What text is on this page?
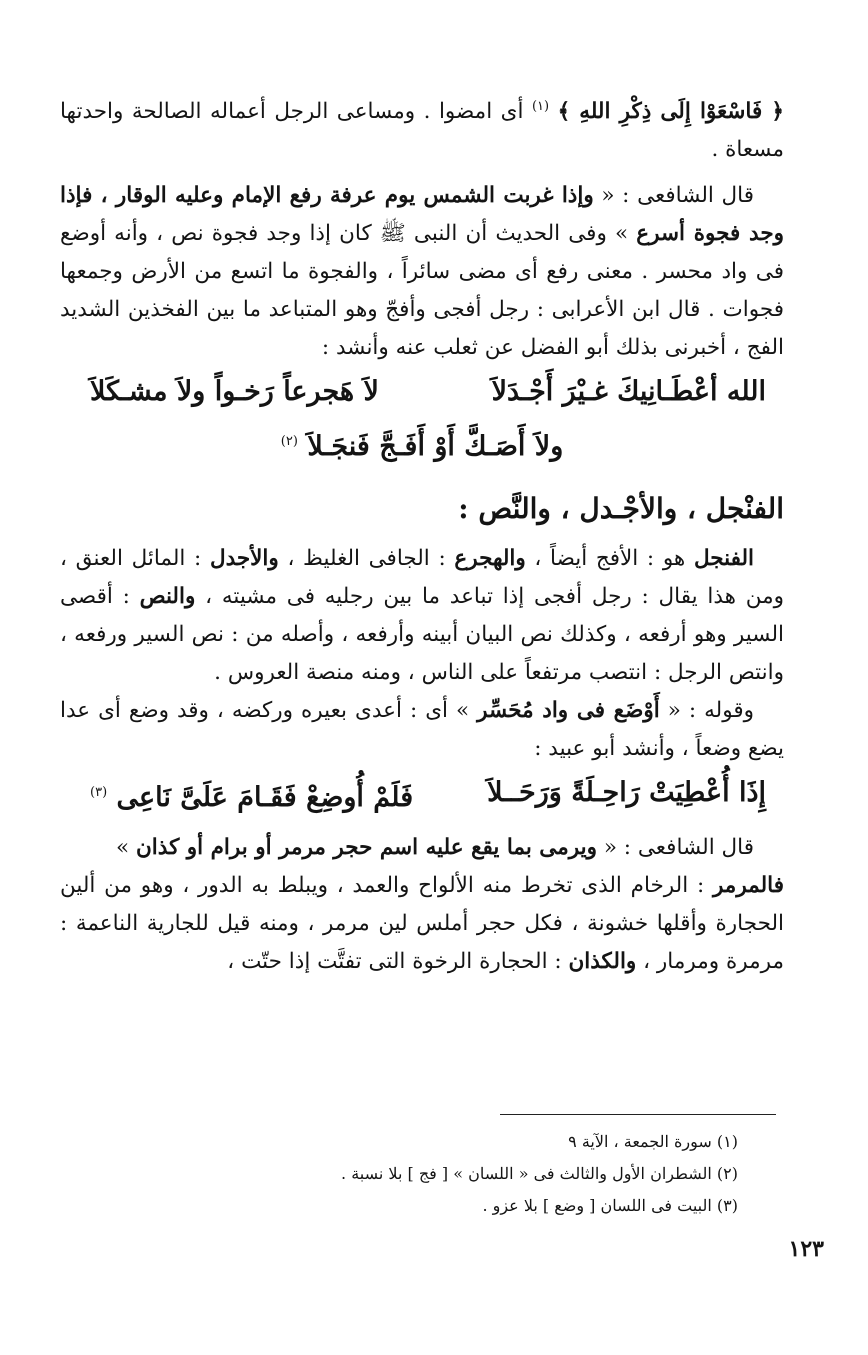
﴿ فَاسْعَوْا إِلَى ذِكْرِ اللهِ ﴾ $^{(١)}$ أى امضوا . ومساعى الرجل أعماله الصالحة واحدتها مسعاة .

قال الشافعى : « وإذا غربت الشمس يوم عرفة رفع الإمام وعليه الوقار ، فإذا وجد فجوة أسرع » وفى الحديث أن النبى ﷺ كان إذا وجد فجوة نص ، وأنه أوضع فى واد محسر . معنى رفع أى مضى سائراً ، والفجوة ما اتسع من الأرض وجمعها فجوات . قال ابن الأعرابى : رجل أفجى وأفجّ وهو المتباعد ما بين الفخذين الشديد الفج ، أخبرنى بذلك أبو الفضل عن ثعلب عنه وأنشد :

الله أعْطَـانِيكَ غـيْرَ أَجْـدَلاَ
لاَ هَجرعاً رَخـواً ولاَ مشـكَلاَ
ولاَ أَصَـكَّ أَوْ أَفَـجَّ فَنجَـلاَ $^{(٢)}$
الفنْجل ، والأجْـدل ، والنَّص :

الفنجل هو : الأفج أيضاً ، والهجرع : الجافى الغليظ ، والأجدل : المائل العنق ، ومن هذا يقال : رجل أفجى إذا تباعد ما بين رجليه فى مشيته ، والنص : أقصى السير وهو أرفعه ، وكذلك نص البيان أبينه وأرفعه ، وأصله من : نص السير ورفعه ، وانتص الرجل : انتصب مرتفعاً على الناس ، ومنه منصة العروس .

وقوله : « أَوْضَع فى واد مُحَسِّر » أى : أعدى بعيره وركضه ، وقد وضع أى عدا يضع وضعاً ، وأنشد أبو عبيد :

إِذَا أُعْطِيَتْ رَاحِـلَةً وَرَحَــلاَ
فَلَمْ أُوضِعْ فَقَـامَ عَلَىَّ نَاعِى $^{(٣)}$

قال الشافعى : « ويرمى بما يقع عليه اسم حجر مرمر أو برام أو كذان »

فالمرمر : الرخام الذى تخرط منه الألواح والعمد ، ويبلط به الدور ، وهو من ألين الحجارة وأقلها خشونة ، فكل حجر أملس لين مرمر ، ومنه قيل للجارية الناعمة : مرمرة ومرمار ، والكذان : الحجارة الرخوة التى تفتَّت إذا حتّت ،

(١) سورة الجمعة ، الآية ٩
(٢) الشطران الأول والثالث فى « اللسان » [ فج ] بلا نسبة .
(٣) البيت فى اللسان [ وضع ] بلا عزو .
١٢٣
